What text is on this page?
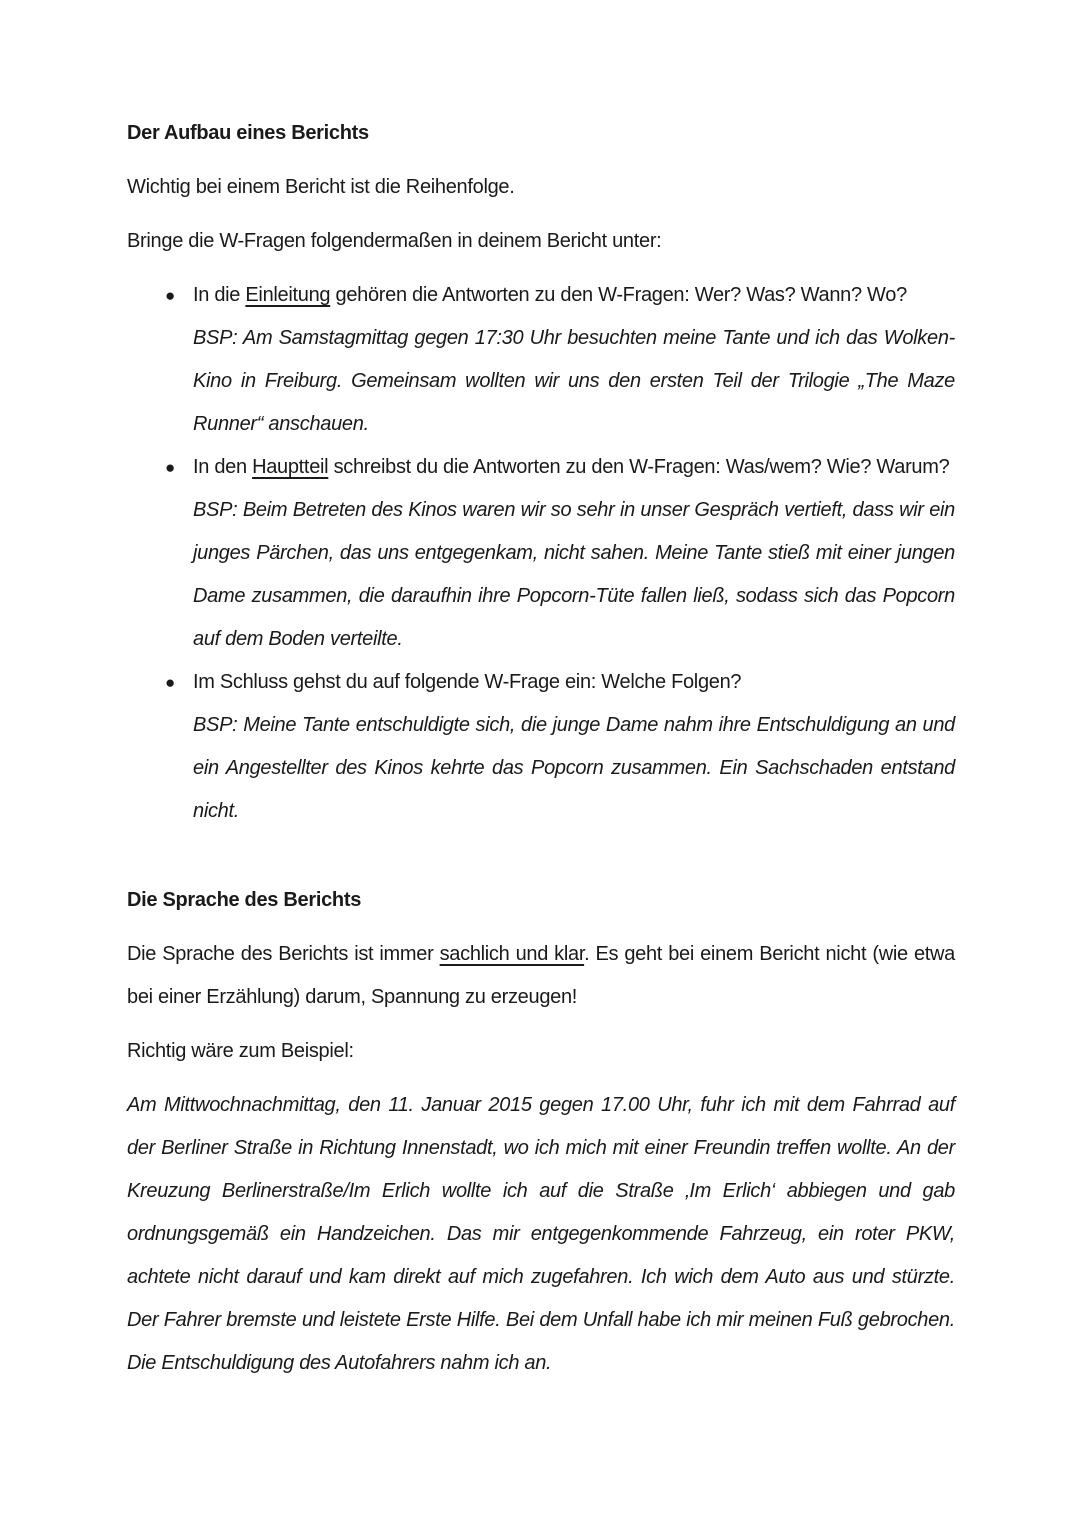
Der Aufbau eines Berichts

Wichtig bei einem Bericht ist die Reihenfolge.

Bringe die W-Fragen folgendermaßen in deinem Bericht unter:

● In die Einleitung gehören die Antworten zu den W-Fragen: Wer? Was? Wann? Wo?

BSP: Am Samstagmittag gegen 17:30 Uhr besuchten meine Tante und ich das Wolken-Kino in Freiburg. Gemeinsam wollten wir uns den ersten Teil der Trilogie „The Maze Runner“ anschauen.

● In den Hauptteil schreibst du die Antworten zu den W-Fragen: Was/wem? Wie? Warum?

BSP: Beim Betreten des Kinos waren wir so sehr in unser Gespräch vertieft, dass wir ein junges Pärchen, das uns entgegenkam, nicht sahen. Meine Tante stieß mit einer jungen Dame zusammen, die daraufhin ihre Popcorn-Tüte fallen ließ, sodass sich das Popcorn auf dem Boden verteilte.

● Im Schluss gehst du auf folgende W-Frage ein: Welche Folgen?

BSP: Meine Tante entschuldigte sich, die junge Dame nahm ihre Entschuldigung an und ein Angestellter des Kinos kehrte das Popcorn zusammen. Ein Sachschaden entstand nicht.

Die Sprache des Berichts

Die Sprache des Berichts ist immer sachlich und klar. Es geht bei einem Bericht nicht (wie etwa bei einer Erzählung) darum, Spannung zu erzeugen!

Richtig wäre zum Beispiel:

Am Mittwochnachmittag, den 11. Januar 2015 gegen 17.00 Uhr, fuhr ich mit dem Fahrrad auf der Berliner Straße in Richtung Innenstadt, wo ich mich mit einer Freundin treffen wollte. An der Kreuzung Berlinerstraße/Im Erlich wollte ich auf die Straße ‚Im Erlich‘ abbiegen und gab ordnungsgemäß ein Handzeichen. Das mir entgegenkommende Fahrzeug, ein roter PKW, achtete nicht darauf und kam direkt auf mich zugefahren. Ich wich dem Auto aus und stürzte. Der Fahrer bremste und leistete Erste Hilfe. Bei dem Unfall habe ich mir meinen Fuß gebrochen. Die Entschuldigung des Autofahrers nahm ich an.
